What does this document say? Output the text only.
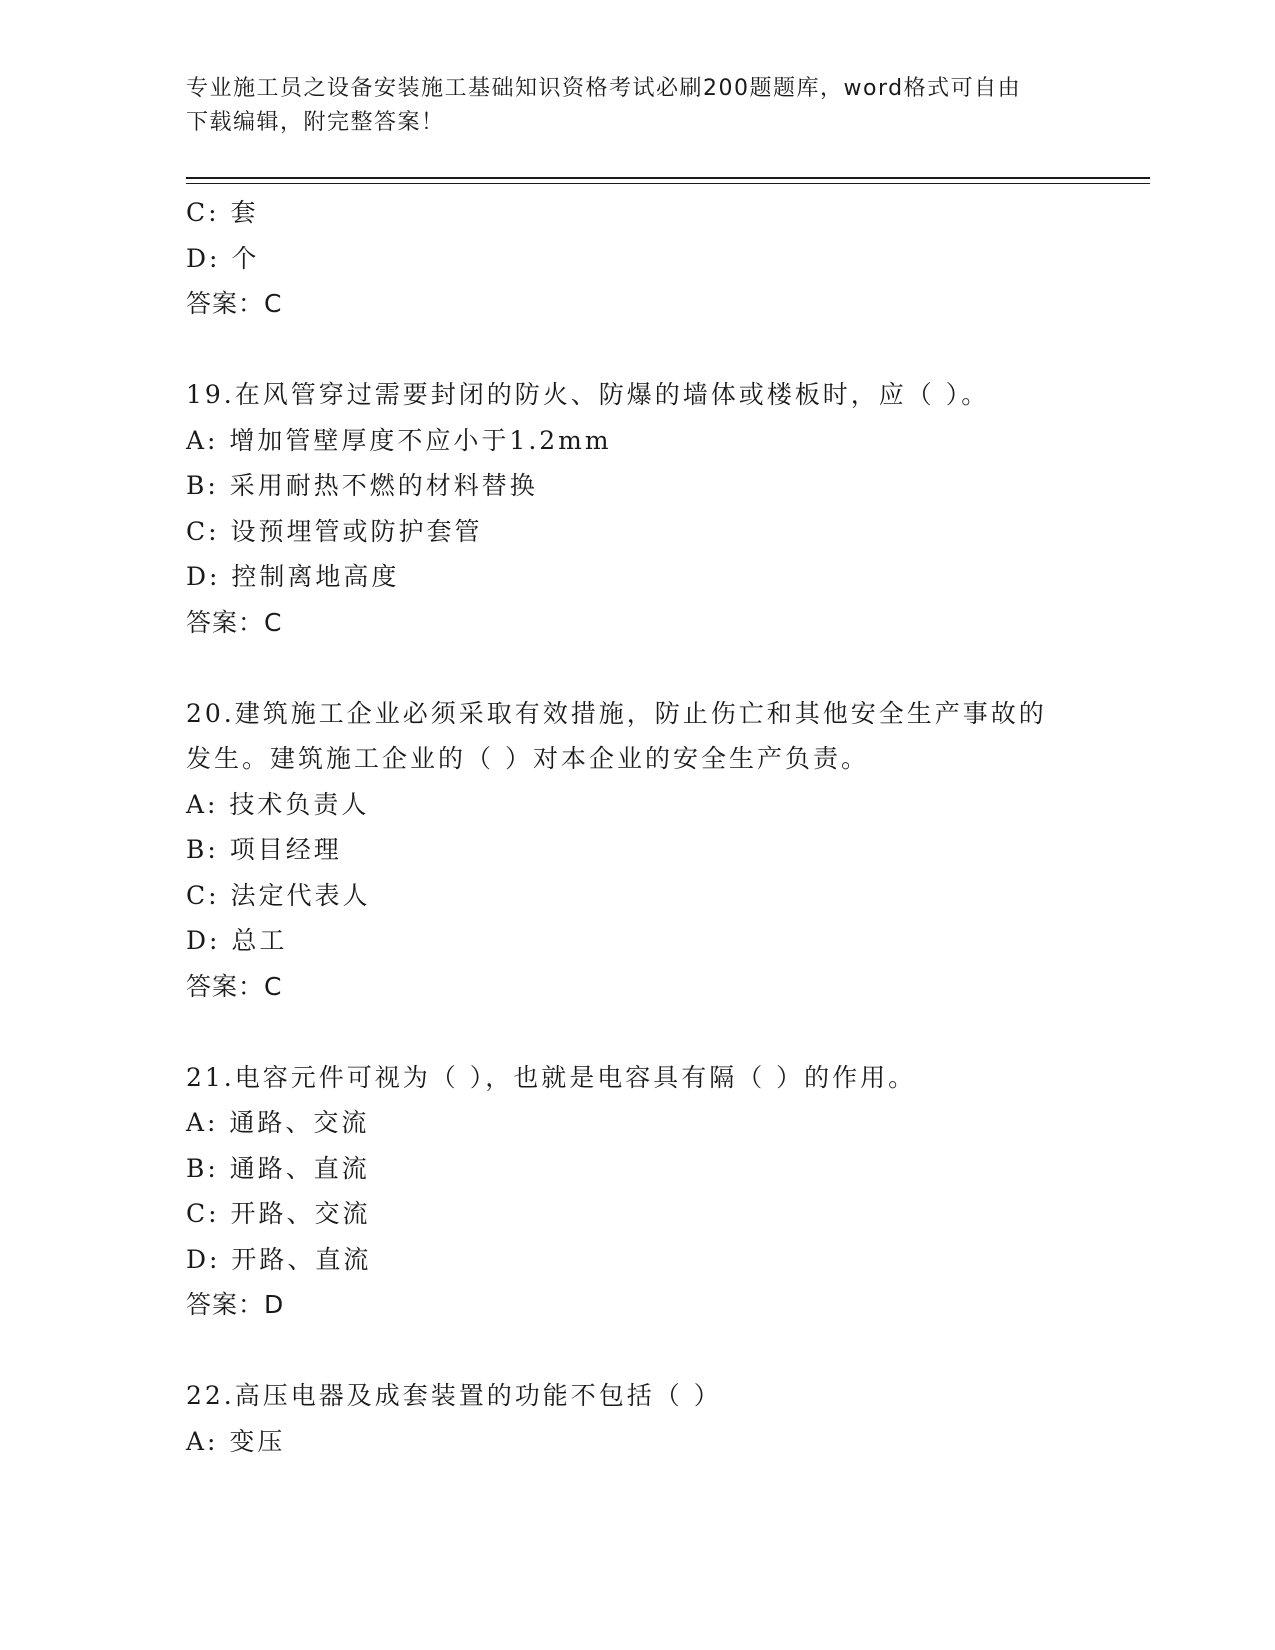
专业施工员之设备安装施工基础知识资格考试必刷200题题库，word格式可自由
下载编辑，附完整答案！
C: 套
D: 个
答案：C
19.在风管穿过需要封闭的防火、防爆的墙体或楼板时，应（ ）。
A: 增加管壁厚度不应小于1.2mm
B: 采用耐热不燃的材料替换
C: 设预埋管或防护套管
D: 控制离地高度
答案：C
20.建筑施工企业必须采取有效措施，防止伤亡和其他安全生产事故的
发生。建筑施工企业的（ ）对本企业的安全生产负责。
A: 技术负责人
B: 项目经理
C: 法定代表人
D: 总工
答案：C
21.电容元件可视为（ ），也就是电容具有隔（ ）的作用。
A: 通路、交流
B: 通路、直流
C: 开路、交流
D: 开路、直流
答案：D
22.高压电器及成套装置的功能不包括（ ）
A: 变压
